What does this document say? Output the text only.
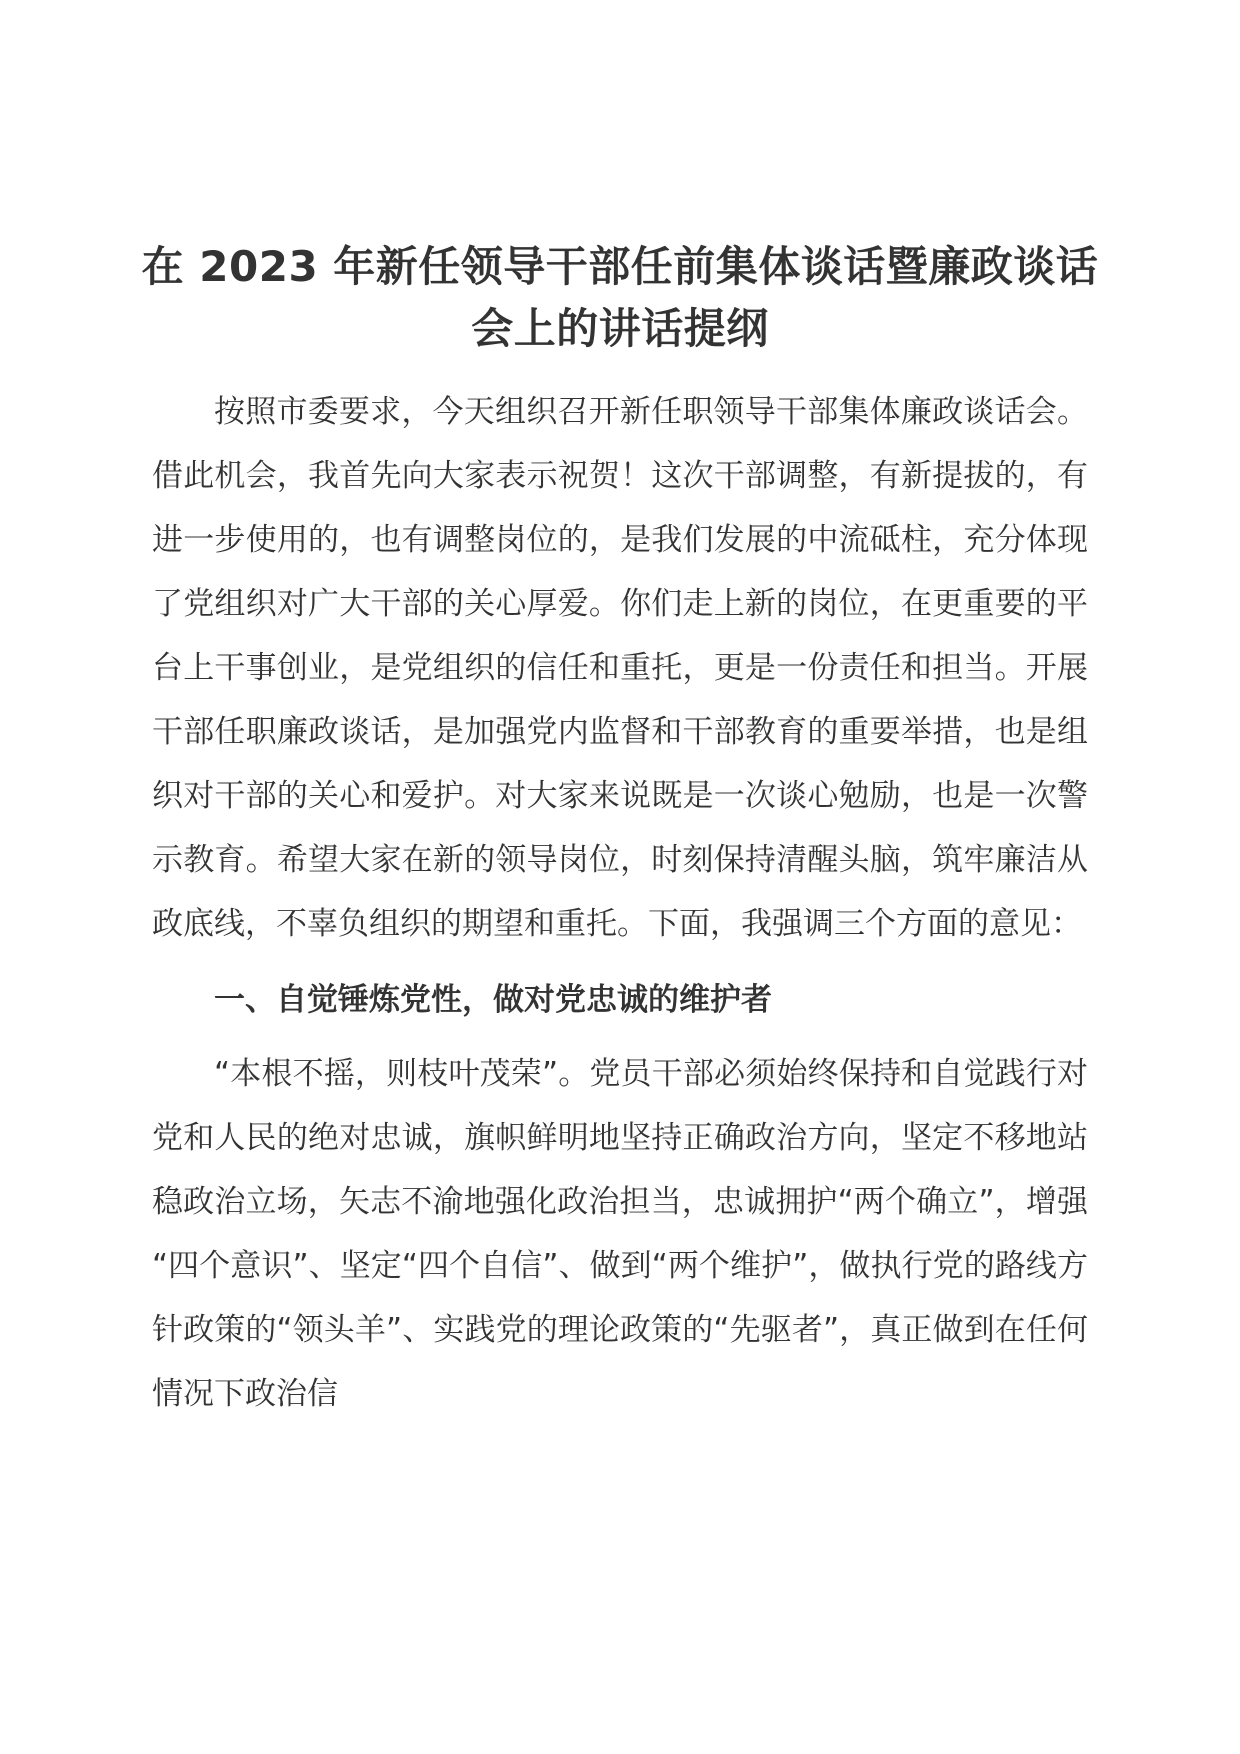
在 2023 年新任领导干部任前集体谈话暨廉政谈话会上的讲话提纲

按照市委要求，今天组织召开新任职领导干部集体廉政谈话会。借此机会，我首先向大家表示祝贺！这次干部调整，有新提拔的，有进一步使用的，也有调整岗位的，是我们发展的中流砥柱，充分体现了党组织对广大干部的关心厚爱。你们走上新的岗位，在更重要的平台上干事创业，是党组织的信任和重托，更是一份责任和担当。开展干部任职廉政谈话，是加强党内监督和干部教育的重要举措，也是组织对干部的关心和爱护。对大家来说既是一次谈心勉励，也是一次警示教育。希望大家在新的领导岗位，时刻保持清醒头脑，筑牢廉洁从政底线，不辜负组织的期望和重托。下面，我强调三个方面的意见：

一、自觉锤炼党性，做对党忠诚的维护者

“本根不摇，则枝叶茂荣”。党员干部必须始终保持和自觉践行对党和人民的绝对忠诚，旗帜鲜明地坚持正确政治方向，坚定不移地站稳政治立场，矢志不渝地强化政治担当，忠诚拥护“两个确立”，增强“四个意识”、坚定“四个自信”、做到“两个维护”，做执行党的路线方针政策的“领头羊”、实践党的理论政策的“先驱者”，真正做到在任何情况下政治信
